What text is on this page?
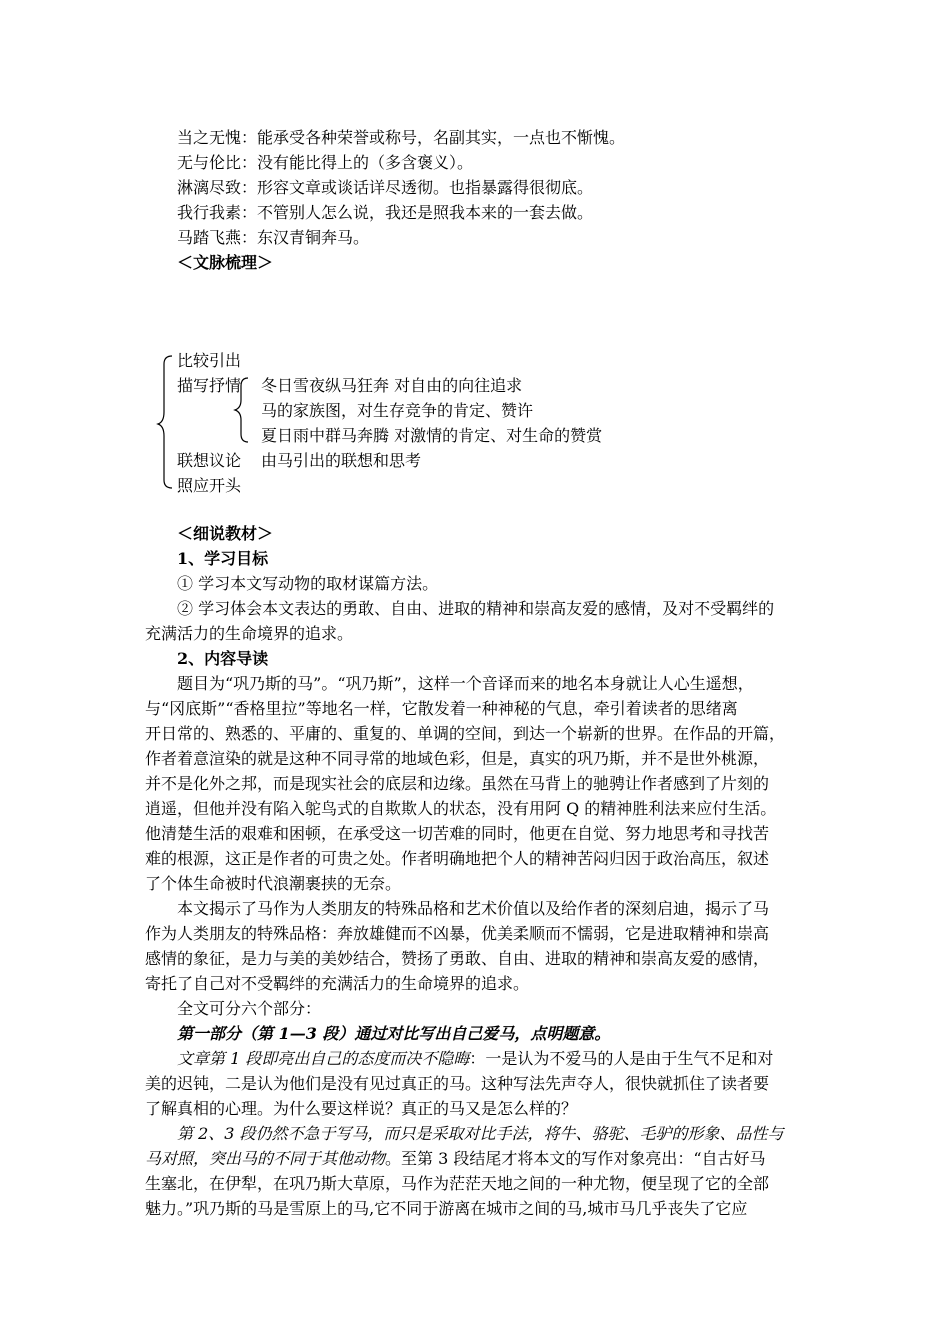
当之无愧：能承受各种荣誉或称号，名副其实，一点也不惭愧。
无与伦比：没有能比得上的（多含褒义）。
淋漓尽致：形容文章或谈话详尽透彻。也指暴露得很彻底。
我行我素：不管别人怎么说，我还是照我本来的一套去做。
马踏飞燕：东汉青铜奔马。
＜文脉梳理＞
比较引出
描写抒情 冬日雪夜纵马狂奔 对自由的向往追求
马的家族图，对生存竞争的肯定、赞许
夏日雨中群马奔腾 对激情的肯定、对生命的赞赏
联想议论 由马引出的联想和思考
照应开头
＜细说教材＞
1、学习目标
① 学习本文写动物的取材谋篇方法。
② 学习体会本文表达的勇敢、自由、进取的精神和崇高友爱的感情，及对不受羁绊的
充满活力的生命境界的追求。
2、内容导读
题目为“巩乃斯的马”。“巩乃斯”，这样一个音译而来的地名本身就让人心生遥想，
与“冈底斯”“香格里拉”等地名一样，它散发着一种神秘的气息，牵引着读者的思绪离
开日常的、熟悉的、平庸的、重复的、单调的空间，到达一个崭新的世界。在作品的开篇，
作者着意渲染的就是这种不同寻常的地域色彩，但是，真实的巩乃斯，并不是世外桃源，
并不是化外之邦，而是现实社会的底层和边缘。虽然在马背上的驰骋让作者感到了片刻的
逍遥，但他并没有陷入鸵鸟式的自欺欺人的状态，没有用阿 Q 的精神胜利法来应付生活。
他清楚生活的艰难和困顿，在承受这一切苦难的同时，他更在自觉、努力地思考和寻找苦
难的根源，这正是作者的可贵之处。作者明确地把个人的精神苦闷归因于政治高压，叙述
了个体生命被时代浪潮裹挟的无奈。
本文揭示了马作为人类朋友的特殊品格和艺术价值以及给作者的深刻启迪，揭示了马
作为人类朋友的特殊品格：奔放雄健而不凶暴，优美柔顺而不懦弱，它是进取精神和崇高
感情的象征，是力与美的美妙结合，赞扬了勇敢、自由、进取的精神和崇高友爱的感情，
寄托了自己对不受羁绊的充满活力的生命境界的追求。
全文可分六个部分：
第一部分（第 1—3 段）通过对比写出自己爱马，点明题意。
文章第 1 段即亮出自己的态度而决不隐晦：一是认为不爱马的人是由于生气不足和对
美的迟钝，二是认为他们是没有见过真正的马。这种写法先声夺人，很快就抓住了读者要
了解真相的心理。为什么要这样说？真正的马又是怎么样的？
第 2、3 段仍然不急于写马，而只是采取对比手法，将牛、骆驼、毛驴的形象、品性与
马对照，突出马的不同于其他动物。至第 3 段结尾才将本文的写作对象亮出：“自古好马
生塞北，在伊犁，在巩乃斯大草原，马作为茫茫天地之间的一种尤物，便呈现了它的全部
魅力。”巩乃斯的马是雪原上的马,它不同于游离在城市之间的马,城市马几乎丧失了它应
